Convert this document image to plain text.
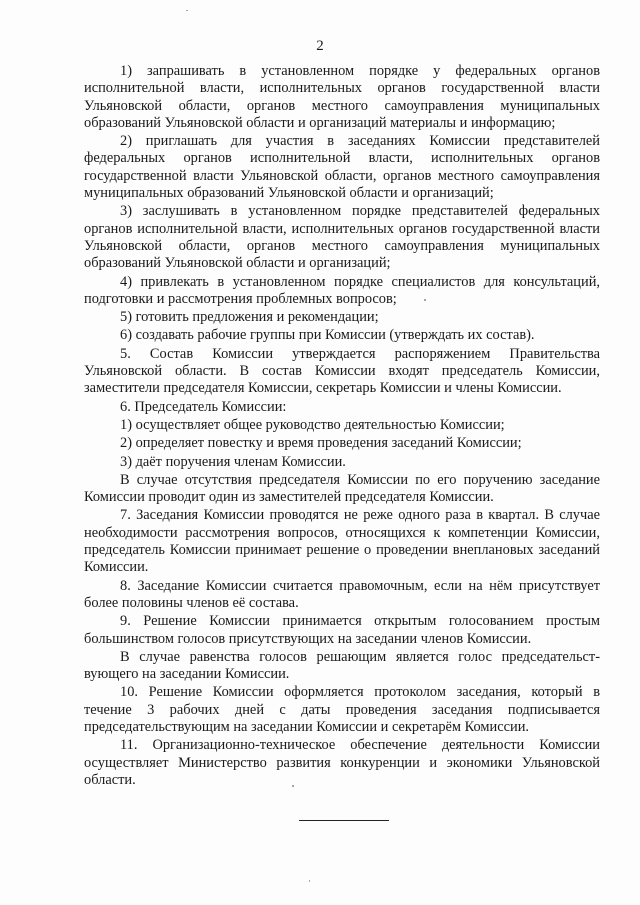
2

1) запрашивать в установленном порядке у федеральных органов исполнительной власти, исполнительных органов государственной власти Ульяновской области, органов местного самоуправления муниципальных образований Ульяновской области и организаций материалы и информацию;

2) приглашать для участия в заседаниях Комиссии представителей федеральных органов исполнительной власти, исполнительных органов государственной власти Ульяновской области, органов местного самоуправления муниципальных образований Ульяновской области и организаций;

3) заслушивать в установленном порядке представителей федеральных органов исполнительной власти, исполнительных органов государственной власти Ульяновской области, органов местного самоуправления муниципальных образований Ульяновской области и организаций;

4) привлекать в установленном порядке специалистов для консультаций, подготовки и рассмотрения проблемных вопросов;

5) готовить предложения и рекомендации;

6) создавать рабочие группы при Комиссии (утверждать их состав).

5. Состав Комиссии утверждается распоряжением Правительства Ульяновской области. В состав Комиссии входят председатель Комиссии, заместители председателя Комиссии, секретарь Комиссии и члены Комиссии.

6. Председатель Комиссии:

1) осуществляет общее руководство деятельностью Комиссии;

2) определяет повестку и время проведения заседаний Комиссии;

3) даёт поручения членам Комиссии.

В случае отсутствия председателя Комиссии по его поручению заседание Комиссии проводит один из заместителей председателя Комиссии.

7. Заседания Комиссии проводятся не реже одного раза в квартал. В случае необходимости рассмотрения вопросов, относящихся к компетенции Комиссии, председатель Комиссии принимает решение о проведении внеплановых заседаний Комиссии.

8. Заседание Комиссии считается правомочным, если на нём присутствует более половины членов её состава.

9. Решение Комиссии принимается открытым голосованием простым большинством голосов присутствующих на заседании членов Комиссии.

В случае равенства голосов решающим является голос председательст-вующего на заседании Комиссии.

10. Решение Комиссии оформляется протоколом заседания, который в течение 3 рабочих дней с даты проведения заседания подписывается председательствующим на заседании Комиссии и секретарём Комиссии.

11. Организационно-техническое обеспечение деятельности Комиссии осуществляет Министерство развития конкуренции и экономики Ульяновской области.
